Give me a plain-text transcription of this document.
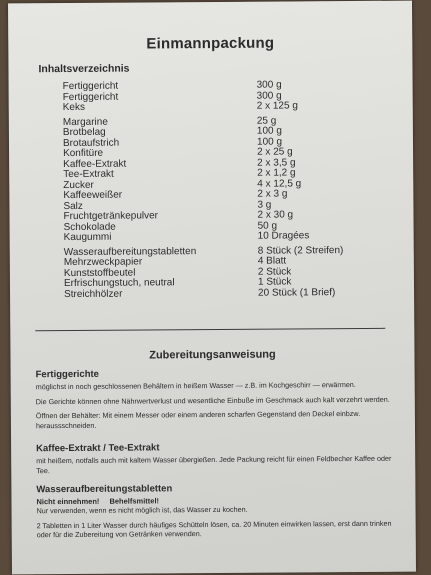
Einmannpackung
Inhaltsverzeichnis
Fertiggericht	300 g
Fertiggericht	300 g
Keks	2 x 125 g
Margarine	25 g
Brotbelag	100 g
Brotaufstrich	100 g
Konfitüre	2 x 25 g
Kaffee-Extrakt	2 x 3,5 g
Tee-Extrakt	2 x 1,2 g
Zucker	4 x 12,5 g
Kaffeeweißer	2 x 3 g
Salz	3 g
Fruchtgetränkepulver	2 x 30 g
Schokolade	50 g
Kaugummi	10 Dragées
Wasseraufbereitungstabletten	8 Stück (2 Streifen)
Mehrzweckpapier	4 Blatt
Kunststoffbeutel	2 Stück
Erfrischungstuch, neutral	1 Stück
Streichhölzer	20 Stück (1 Brief)
Zubereitungsanweisung
Fertiggerichte

möglichst in noch geschlossenen Behältern in heißem Wasser — z.B. im Kochgeschirr — erwärmen.

Die Gerichte können ohne Nährwertverlust und wesentliche Einbuße im Geschmack auch kalt verzehrt werden.

Öffnen der Behälter: Mit einem Messer oder einem anderen scharfen Gegenstand den Deckel einbzw. heraussschneiden.

Kaffee-Extrakt / Tee-Extrakt

mit heißem, notfalls auch mit kaltem Wasser übergießen. Jede Packung reicht für einen Feldbecher Kaffee oder Tee.

Wasseraufbereitungstabletten
Nicht einnehmen! Behelfsmittel!

Nur verwenden, wenn es nicht möglich ist, das Wasser zu kochen.

2 Tabletten in 1 Liter Wasser durch häufiges Schütteln lösen, ca. 20 Minuten einwirken lassen, erst dann trinken oder für die Zubereitung von Getränken verwenden.
